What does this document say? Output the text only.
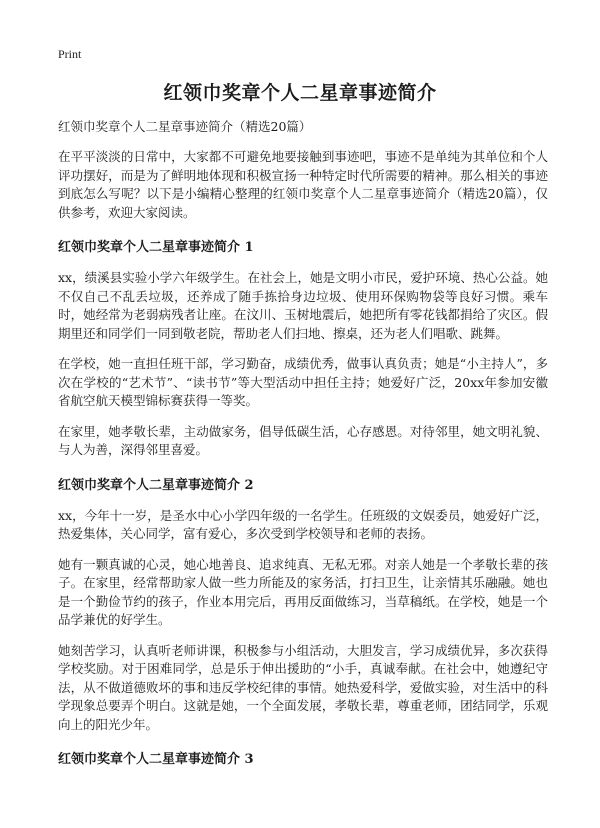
Print
红领巾奖章个人二星章事迹简介

红领巾奖章个人二星章事迹简介（精选20篇）

在平平淡淡的日常中，大家都不可避免地要接触到事迹吧，事迹不是单纯为其单位和个人评功摆好，而是为了鲜明地体现和积极宣扬一种特定时代所需要的精神。那么相关的事迹到底怎么写呢？以下是小编精心整理的红领巾奖章个人二星章事迹简介（精选20篇），仅供参考，欢迎大家阅读。

红领巾奖章个人二星章事迹简介 1

xx，绩溪县实验小学六年级学生。在社会上，她是文明小市民，爱护环境、热心公益。她不仅自己不乱丢垃圾，还养成了随手拣拾身边垃圾、使用环保购物袋等良好习惯。乘车时，她经常为老弱病残者让座。在汶川、玉树地震后，她把所有零花钱都捐给了灾区。假期里还和同学们一同到敬老院，帮助老人们扫地、擦桌，还为老人们唱歌、跳舞。

在学校，她一直担任班干部，学习勤奋，成绩优秀，做事认真负责；她是“小主持人”，多次在学校的“艺术节”、“读书节”等大型活动中担任主持；她爱好广泛，20xx年参加安徽省航空航天模型锦标赛获得一等奖。

在家里，她孝敬长辈，主动做家务，倡导低碳生活，心存感恩。对待邻里，她文明礼貌、与人为善，深得邻里喜爱。

红领巾奖章个人二星章事迹简介 2

xx，今年十一岁，是圣水中心小学四年级的一名学生。任班级的文娱委员，她爱好广泛，热爱集体，关心同学，富有爱心，多次受到学校领导和老师的表扬。

她有一颗真诚的心灵，她心地善良、追求纯真、无私无邪。对亲人她是一个孝敬长辈的孩子。在家里，经常帮助家人做一些力所能及的家务活，打扫卫生，让亲情其乐融融。她也是一个勤俭节约的孩子，作业本用完后，再用反面做练习，当草稿纸。在学校，她是一个品学兼优的好学生。

她刻苦学习，认真听老师讲课，积极参与小组活动，大胆发言，学习成绩优异，多次获得学校奖励。对于困难同学，总是乐于伸出援助的“小手，真诚奉献。在社会中，她遵纪守法，从不做道德败坏的事和违反学校纪律的事情。她热爱科学，爱做实验，对生活中的科学现象总要弄个明白。这就是她，一个全面发展，孝敬长辈，尊重老师，团结同学，乐观向上的阳光少年。

红领巾奖章个人二星章事迹简介 3
